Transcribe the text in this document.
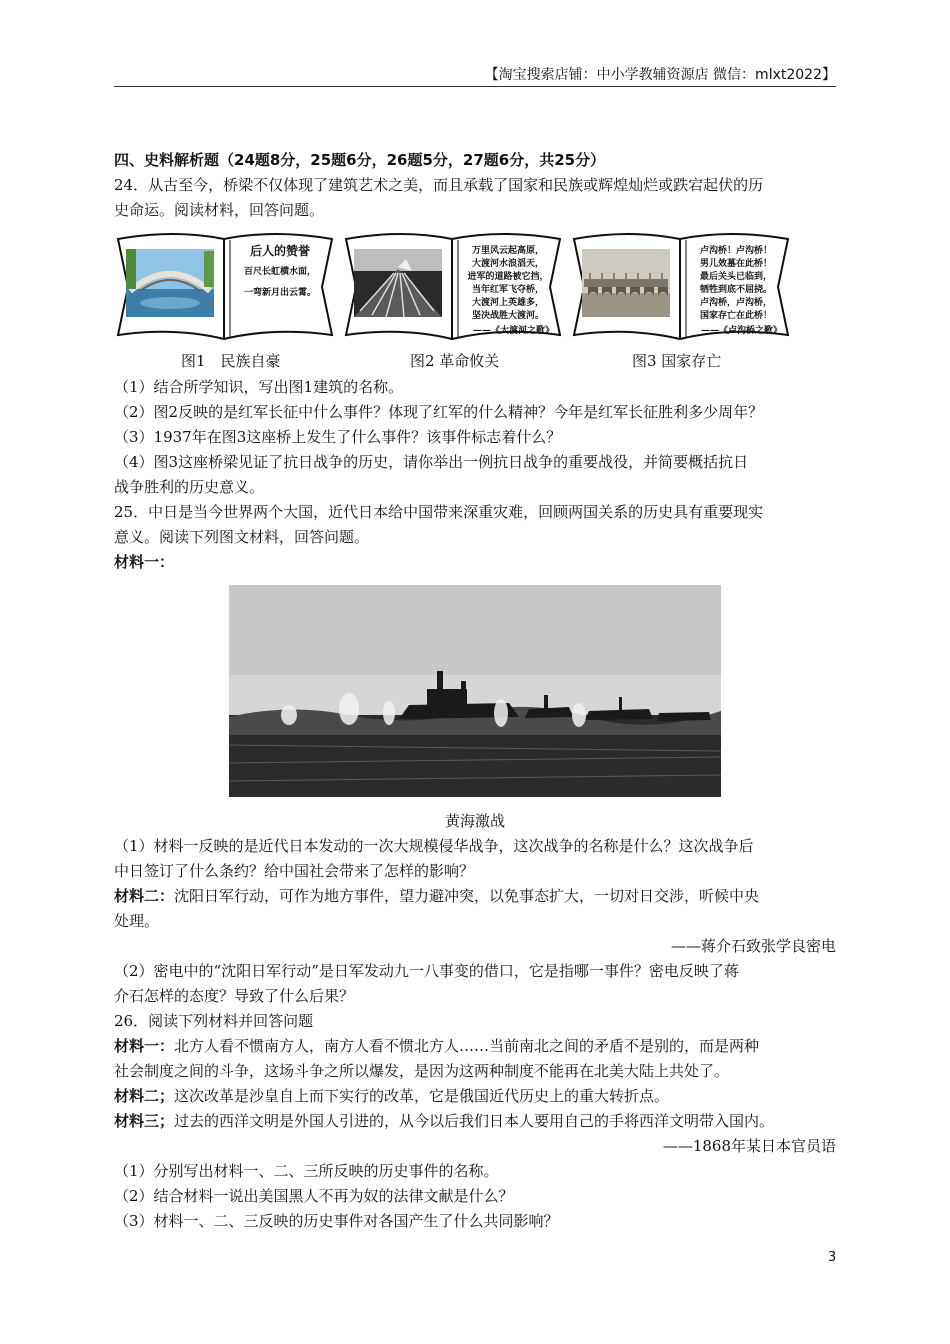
【淘宝搜索店铺：中小学教辅资源店 微信：mlxt2022】

四、史料解析题（24题8分，25题6分，26题5分，27题6分，共25分）

24．从古至今，桥梁不仅体现了建筑艺术之美，而且承载了国家和民族或辉煌灿烂或跌宕起伏的历

史命运。阅读材料，回答问题。

后人的赞誉
百尺长虹横水面，
一弯新月出云霄。
万里风云起高原，
大渡河水浪滔天，
进军的道路被它挡，
当年红军飞夺桥，
大渡河上英雄多，
坚决战胜大渡河。
——《大渡河之歌》
卢沟桥！卢沟桥！
男儿效墓在此桥！
最后关头已临到，
牺牲到底不屈挠。
卢沟桥，卢沟桥，
国家存亡在此桥！
——《卢沟桥之歌》
图1　民族自豪	图2 革命攸关	图3 国家存亡

（1）结合所学知识，写出图1建筑的名称。

（2）图2反映的是红军长征中什么事件？体现了红军的什么精神？今年是红军长征胜利多少周年？

（3）1937年在图3这座桥上发生了什么事件？该事件标志着什么？

（4）图3这座桥梁见证了抗日战争的历史，请你举出一例抗日战争的重要战役，并简要概括抗日

战争胜利的历史意义。

25．中日是当今世界两个大国，近代日本给中国带来深重灾难，回顾两国关系的历史具有重要现实

意义。阅读下列图文材料，回答问题。

材料一：

黄海激战

（1）材料一反映的是近代日本发动的一次大规模侵华战争，这次战争的名称是什么？这次战争后

中日签订了什么条约？给中国社会带来了怎样的影响？

材料二：沈阳日军行动，可作为地方事件，望力避冲突，以免事态扩大，一切对日交涉，听候中央

处理。

——蒋介石致张学良密电

（2）密电中的“沈阳日军行动”是日军发动九一八事变的借口，它是指哪一事件？密电反映了蒋

介石怎样的态度？导致了什么后果？

26．阅读下列材料并回答问题

材料一：北方人看不惯南方人，南方人看不惯北方人……当前南北之间的矛盾不是别的，而是两种

社会制度之间的斗争，这场斗争之所以爆发，是因为这两种制度不能再在北美大陆上共处了。

材料二；这次改革是沙皇自上而下实行的改革，它是俄国近代历史上的重大转折点。

材料三；过去的西洋文明是外国人引进的，从今以后我们日本人要用自己的手将西洋文明带入国内。

——1868年某日本官员语

（1）分别写出材料一、二、三所反映的历史事件的名称。

（2）结合材料一说出美国黑人不再为奴的法律文献是什么？

（3）材料一、二、三反映的历史事件对各国产生了什么共同影响？

3
